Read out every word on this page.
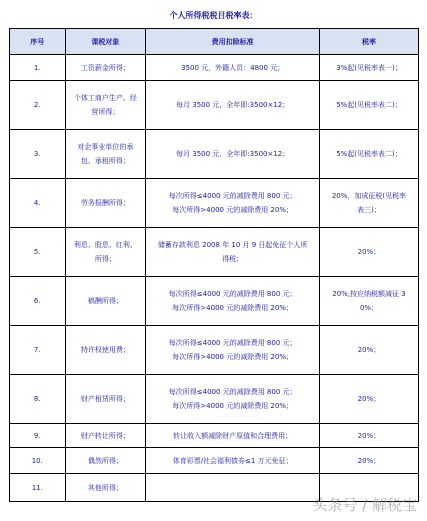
个人所得税税目税率表：
序号	课税对象	费用扣除标准	税率
1.	工资薪金所得；	3500 元，外籍人员：4800 元；	3%起(见税率表一)；

2.	个体工商户生产、经
营所得；	每月 3500 元，全年即:3500×12；	5%起(见税率表二)；

3.	对企事业单位的承
包、承租所得；	每月 3500 元，全年即:3500×12；	5%起(见税率表二)；

4.	劳务报酬所得；	每次所得≤4000 元的减除费用 800 元；
每次所得>4000 元的减除费用 20%；	20%，加成征税(见税率
表三)；

5.	利息、股息、红利、
所得；	储蓄存款利息 2008 年 10 月 9 日起免征个人所
得税；	20%；

6.	稿酬所得；	每次所得≤4000 元的减除费用 800 元；
每次所得>4000 元的减除费用 20%；	20%,按应纳税额减征 3
0%；

7.	特许权使用费；	每次所得≤4000 元的减除费用 800 元；
每次所得>4000 元的减除费用 20%；	20%；

8.	财产租赁所得；	每次所得≤4000 元的减除费用 800 元；
每次所得>4000 元的减除费用 20%；	20%；

9.	财产转让所得；	转让收入额减除财产原值和合理费用；	20%；

10.	偶然所得；	体育彩票/社会福利债券≤1 万元免征；	20%；

11.	其他所得；		

头条号 / 解税宝
